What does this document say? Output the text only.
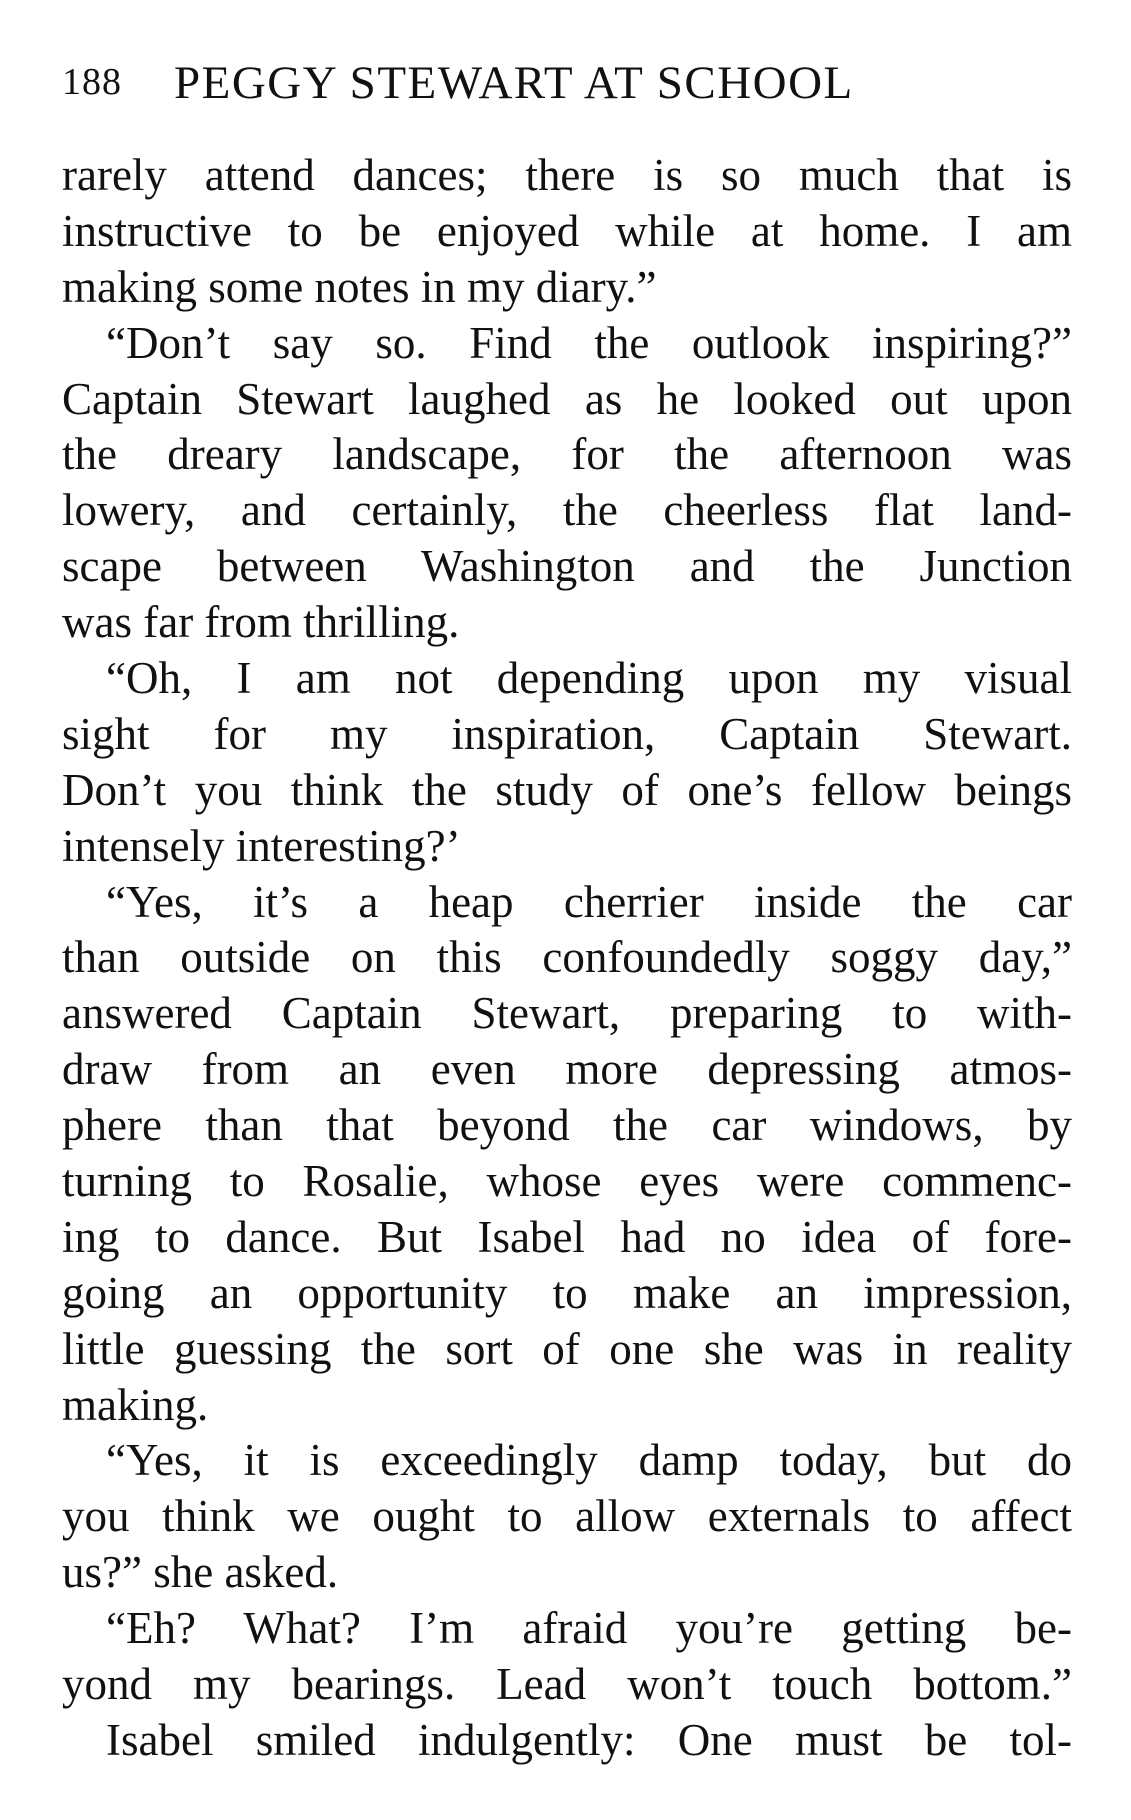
188 PEGGY STEWART AT SCHOOL
rarely attend dances; there is so much that is
instructive to be enjoyed while at home. I am
making some notes in my diary.”
“Don’t say so. Find the outlook inspiring?”
Captain Stewart laughed as he looked out upon
the dreary landscape, for the afternoon was
lowery, and certainly, the cheerless flat land-
scape between Washington and the Junction
was far from thrilling.
“Oh, I am not depending upon my visual
sight for my inspiration, Captain Stewart.
Don’t you think the study of one’s fellow beings
intensely interesting?’
“Yes, it’s a heap cherrier inside the car
than outside on this confoundedly soggy day,”
answered Captain Stewart, preparing to with-
draw from an even more depressing atmos-
phere than that beyond the car windows, by
turning to Rosalie, whose eyes were commenc-
ing to dance. But Isabel had no idea of fore-
going an opportunity to make an impression,
little guessing the sort of one she was in reality
making.
“Yes, it is exceedingly damp today, but do
you think we ought to allow externals to affect
us?” she asked.
“Eh? What? I’m afraid you’re getting be-
yond my bearings. Lead won’t touch bottom.”
Isabel smiled indulgently: One must be tol-
